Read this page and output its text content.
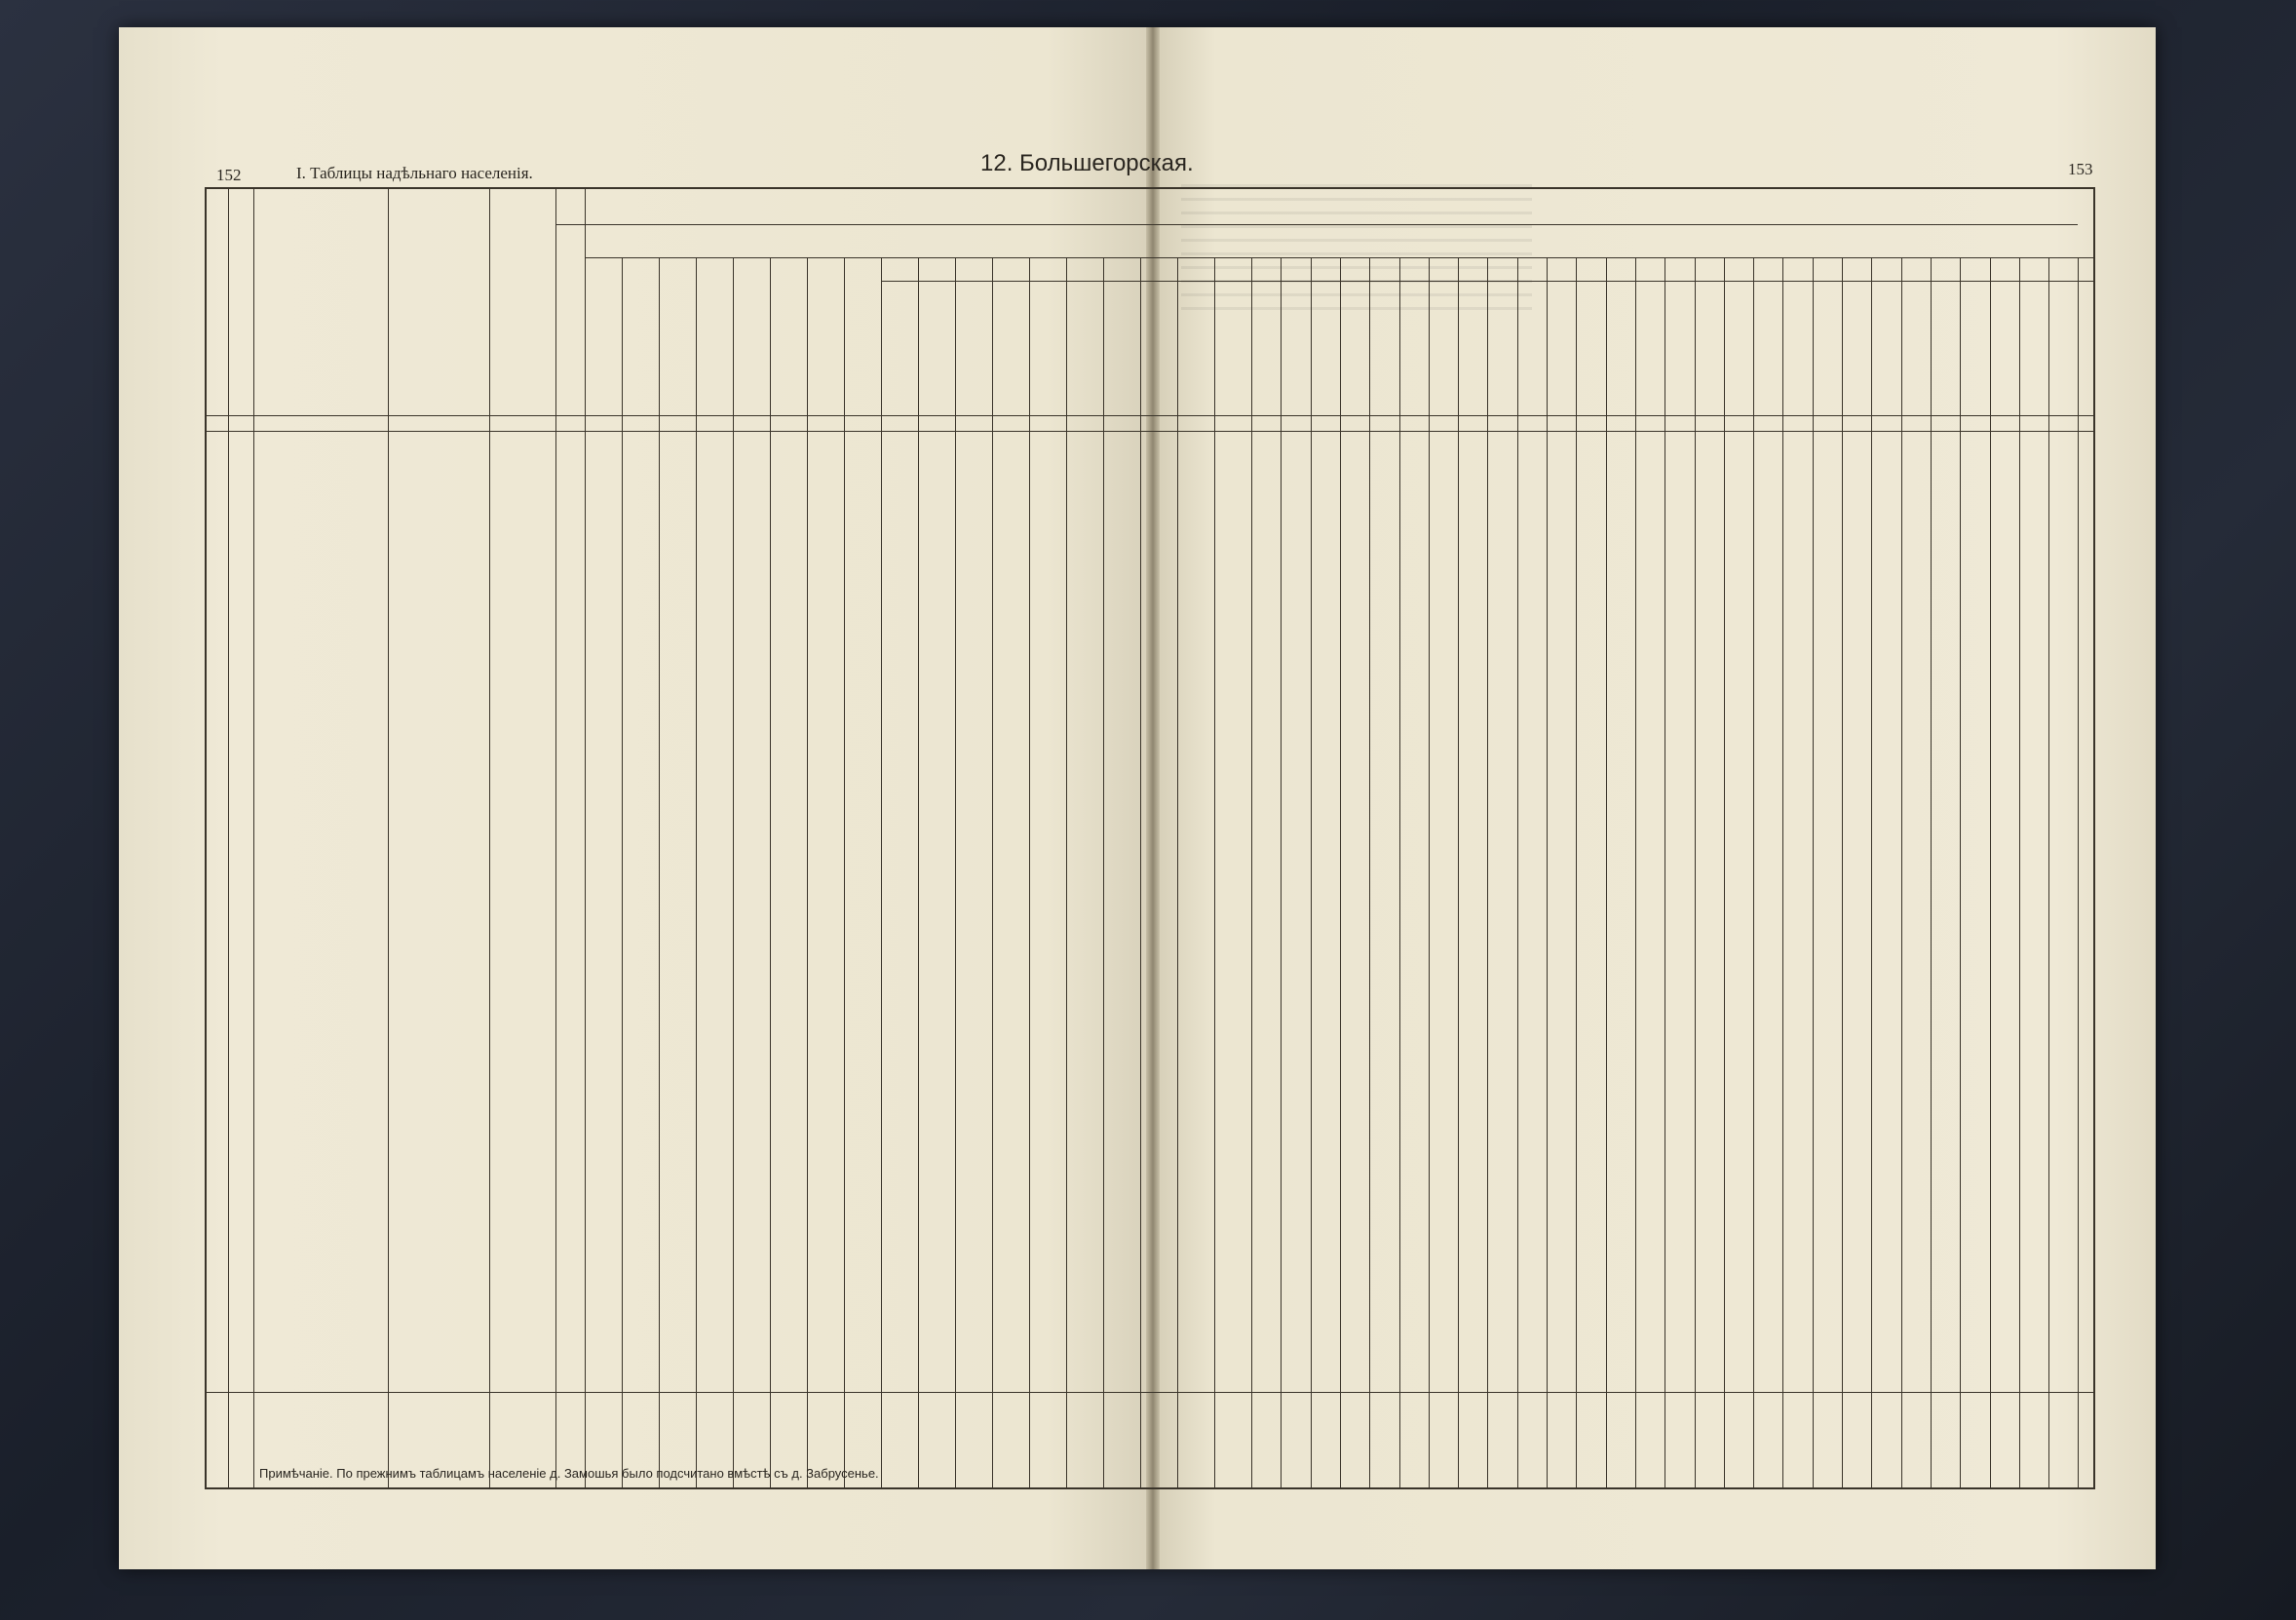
152	I. Таблицы надѣльнаго населенія.	12. Большегорская.	153
Примѣчаніе. По прежнимъ таблицамъ населеніе д. Замошья было подсчитано вмѣстѣ съ д. Забрусенье.
